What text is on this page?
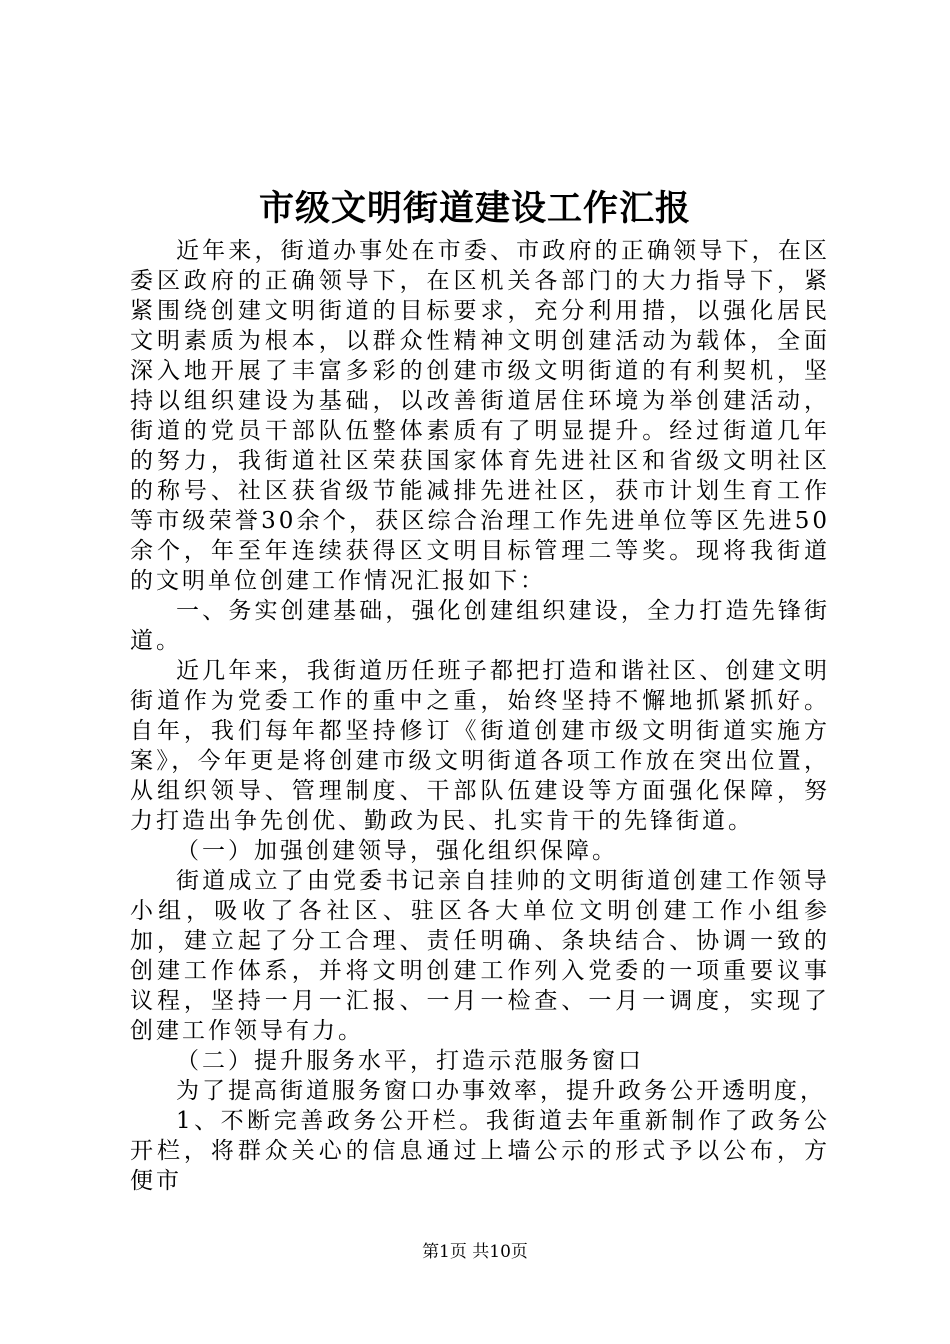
市级文明街道建设工作汇报

近年来，街道办事处在市委、市政府的正确领导下，在区委区政府的正确领导下，在区机关各部门的大力指导下，紧紧围绕创建文明街道的目标要求，充分利用措，以强化居民文明素质为根本，以群众性精神文明创建活动为载体，全面深入地开展了丰富多彩的创建市级文明街道的有利契机，坚持以组织建设为基础，以改善街道居住环境为举创建活动，街道的党员干部队伍整体素质有了明显提升。经过街道几年的努力，我街道社区荣获国家体育先进社区和省级文明社区的称号、社区获省级节能减排先进社区，获市计划生育工作等市级荣誉30余个，获区综合治理工作先进单位等区先进50余个，年至年连续获得区文明目标管理二等奖。现将我街道的文明单位创建工作情况汇报如下：

一、务实创建基础，强化创建组织建设，全力打造先锋街道。

近几年来，我街道历任班子都把打造和谐社区、创建文明街道作为党委工作的重中之重，始终坚持不懈地抓紧抓好。自年，我们每年都坚持修订《街道创建市级文明街道实施方案》，今年更是将创建市级文明街道各项工作放在突出位置，从组织领导、管理制度、干部队伍建设等方面强化保障，努力打造出争先创优、勤政为民、扎实肯干的先锋街道。

（一）加强创建领导，强化组织保障。

街道成立了由党委书记亲自挂帅的文明街道创建工作领导小组，吸收了各社区、驻区各大单位文明创建工作小组参加，建立起了分工合理、责任明确、条块结合、协调一致的创建工作体系，并将文明创建工作列入党委的一项重要议事议程，坚持一月一汇报、一月一检查、一月一调度，实现了创建工作领导有力。

（二）提升服务水平，打造示范服务窗口

为了提高街道服务窗口办事效率，提升政务公开透明度，

1、不断完善政务公开栏。我街道去年重新制作了政务公开栏，将群众关心的信息通过上墙公示的形式予以公布，方便市

第1页 共10页
